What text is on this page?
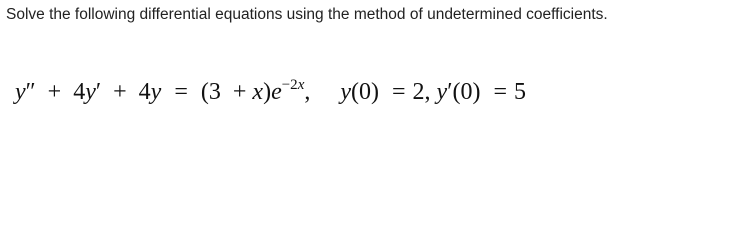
Solve the following differential equations using the method of undetermined coefficients.
$y'' + 4y' + 4y = (3 + x)e^{-2x}$, y(0) = 2, y′(0) = 5
